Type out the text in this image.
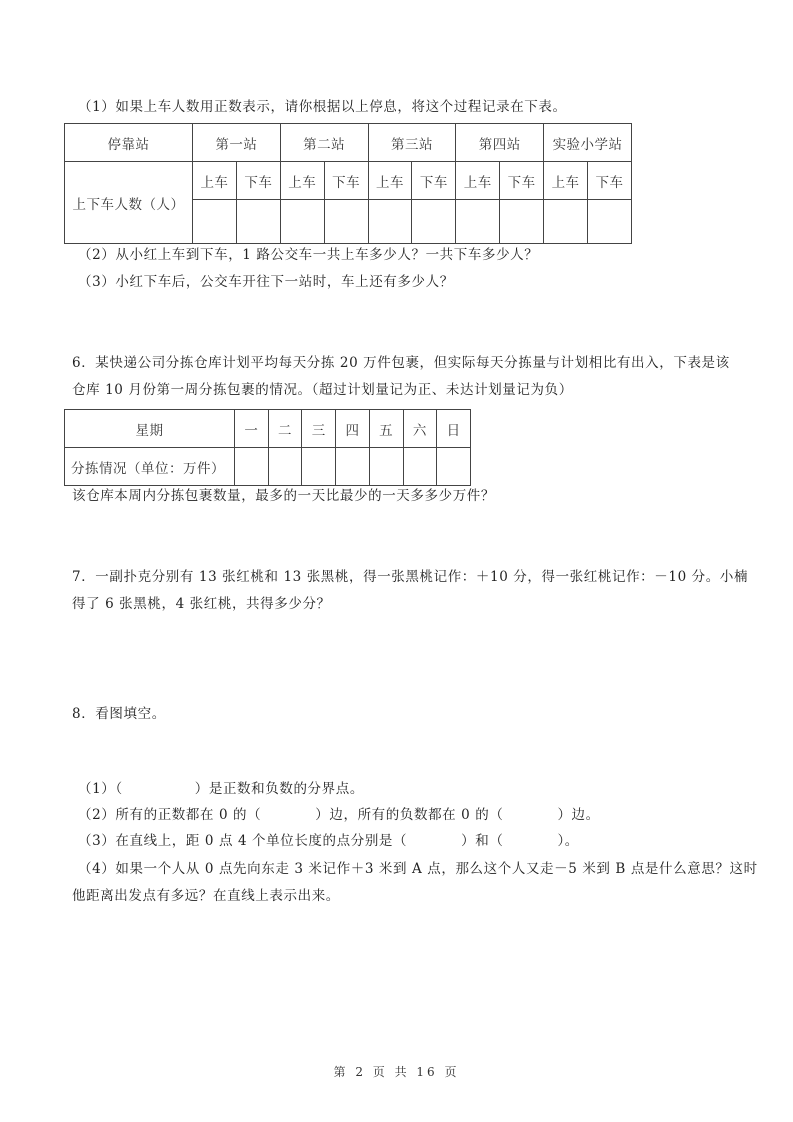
（1）如果上车人数用正数表示，请你根据以上停息，将这个过程记录在下表。
停靠站	第一站		第二站		第三站		第四站		实验小学站	
上下车人数（人）	上车	下车	上车	下车	上车	下车	上车	下车	上车	下车

（2）从小红上车到下车，1 路公交车一共上车多少人？一共下车多少人？
（3）小红下车后，公交车开往下一站时，车上还有多少人？
6．某快递公司分拣仓库计划平均每天分拣 20 万件包裹，但实际每天分拣量与计划相比有出入，下表是该
仓库 10 月份第一周分拣包裹的情况。（超过计划量记为正、未达计划量记为负）
星期	一	二	三	四	五	六	日
分拣情况（单位：万件）							
该仓库本周内分拣包裹数量，最多的一天比最少的一天多多少万件？
7．一副扑克分别有 13 张红桃和 13 张黑桃，得一张黑桃记作：＋10 分，得一张红桃记作：－10 分。小楠
得了 6 张黑桃，4 张红桃，共得多少分？
8．看图填空。
（1）（	）是正数和负数的分界点。
（2）所有的正数都在 0 的（	）边，所有的负数都在 0 的（	）边。
（3）在直线上，距 0 点 4 个单位长度的点分别是（	）和（	）。
（4）如果一个人从 0 点先向东走 3 米记作＋3 米到 A 点，那么这个人又走－5 米到 B 点是什么意思？这时
他距离出发点有多远？在直线上表示出来。
第 2 页 共 16 页
